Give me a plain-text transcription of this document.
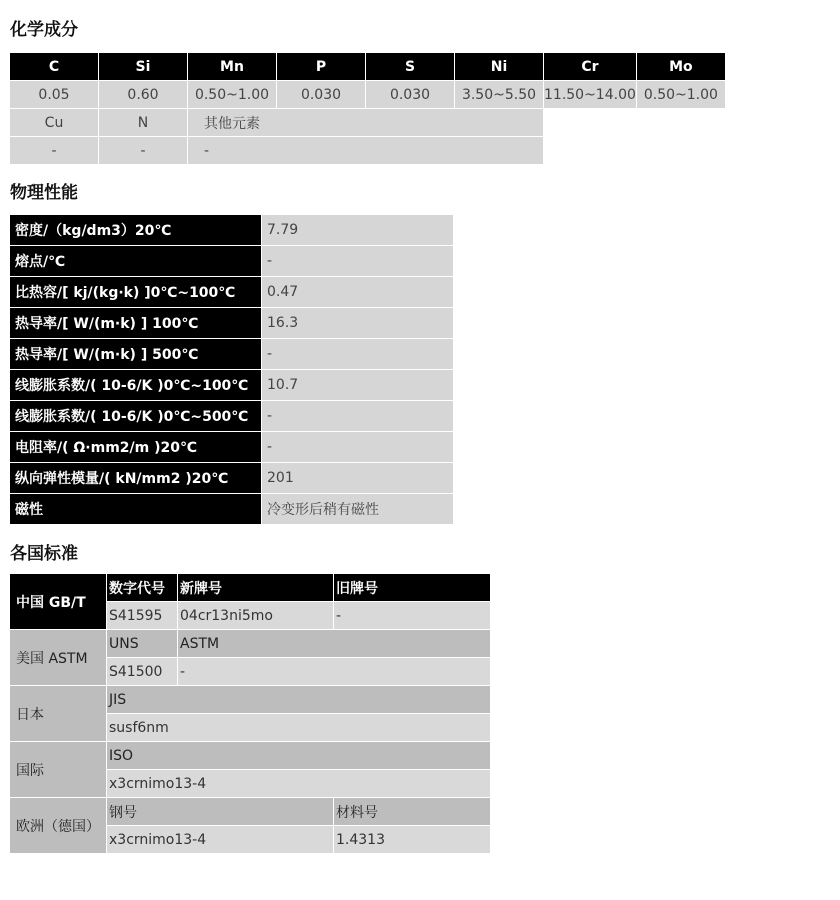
化学成分
C	Si	Mn	P	S	Ni	Cr	Mo
0.05	0.60	0.50~1.00	0.030	0.030	3.50~5.50	11.50~14.00	0.50~1.00
Cu	N	其他元素					
-	-	-					
物理性能
密度/（kg/dm3）20℃	7.79
熔点/℃	-
比热容/[ kj/(kg·k) ]0℃~100℃	0.47
热导率/[ W/(m·k) ] 100℃	16.3
热导率/[ W/(m·k) ] 500℃	-
线膨胀系数/( 10-6/K )0℃~100℃	10.7
线膨胀系数/( 10-6/K )0℃~500℃	-
电阻率/( Ω·mm2/m )20℃	-
纵向弹性模量/( kN/mm2 )20℃	201
磁性	冷变形后稍有磁性
各国标准
中国 GB/T	数字代号	新牌号	旧牌号
	S41595	04cr13ni5mo	-
美国 ASTM	UNS	ASTM	
	S41500	-	
日本	JIS		
	susf6nm		
国际	ISO		
	x3crnimo13-4		
欧洲（德国）	钢号		材料号
	x3crnimo13-4		1.4313
